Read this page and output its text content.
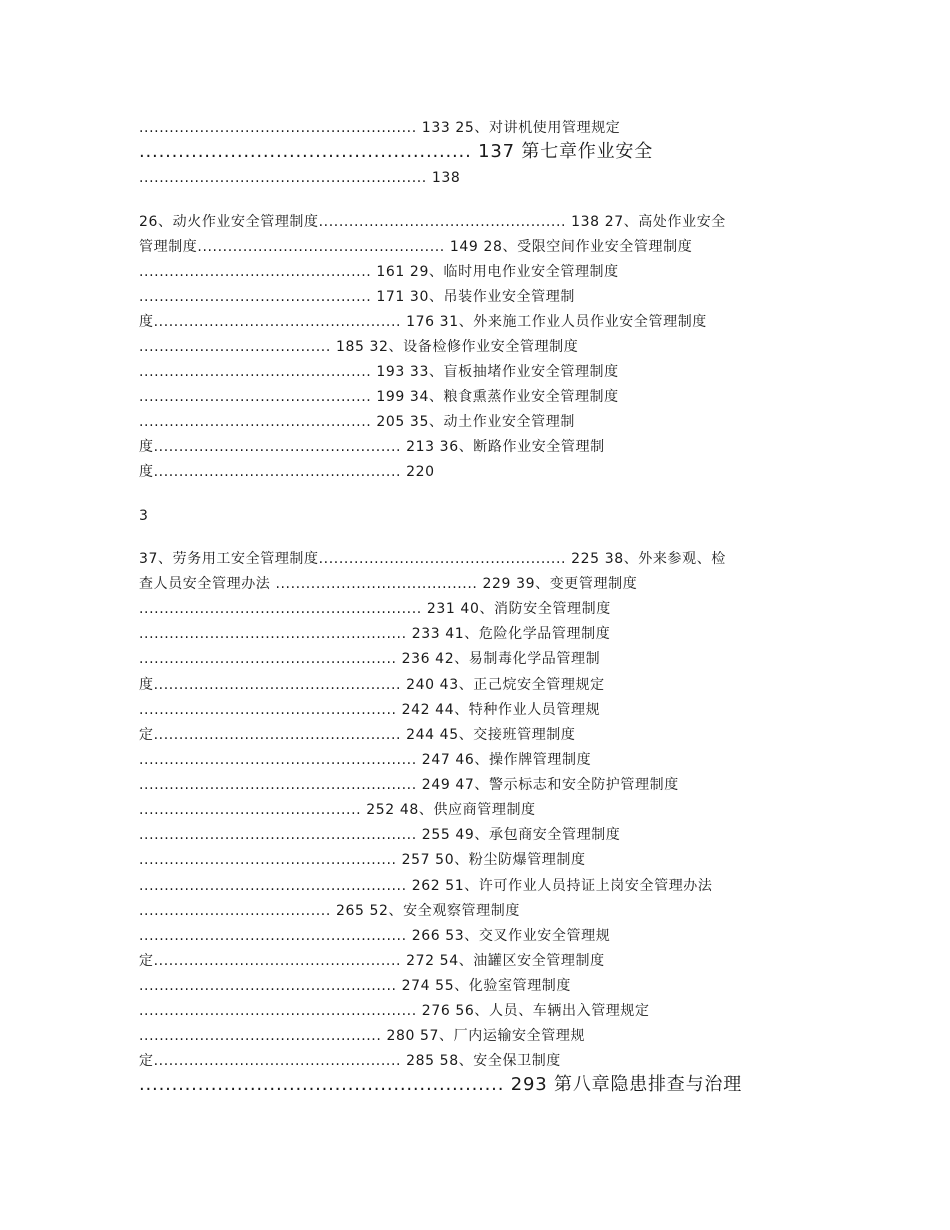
....................................................... 133 25、对讲机使用管理规定
................................................... 137 第七章作业安全
......................................................... 138
26、动火作业安全管理制度................................................. 138 27、高处作业安全
管理制度................................................. 149 28、受限空间作业安全管理制度
.............................................. 161 29、临时用电作业安全管理制度
.............................................. 171 30、吊装作业安全管理制
度................................................. 176 31、外来施工作业人员作业安全管理制度
...................................... 185 32、设备检修作业安全管理制度
.............................................. 193 33、盲板抽堵作业安全管理制度
.............................................. 199 34、粮食熏蒸作业安全管理制度
.............................................. 205 35、动土作业安全管理制
度................................................. 213 36、断路作业安全管理制
度................................................. 220
3
37、劳务用工安全管理制度................................................. 225 38、外来参观、检
查人员安全管理办法 ........................................ 229 39、变更管理制度
........................................................ 231 40、消防安全管理制度
..................................................... 233 41、危险化学品管理制度
................................................... 236 42、易制毒化学品管理制
度................................................. 240 43、正己烷安全管理规定
................................................... 242 44、特种作业人员管理规
定................................................. 244 45、交接班管理制度
....................................................... 247 46、操作牌管理制度
....................................................... 249 47、警示标志和安全防护管理制度
............................................ 252 48、供应商管理制度
....................................................... 255 49、承包商安全管理制度
................................................... 257 50、粉尘防爆管理制度
..................................................... 262 51、许可作业人员持证上岗安全管理办法
...................................... 265 52、安全观察管理制度
..................................................... 266 53、交叉作业安全管理规
定................................................. 272 54、油罐区安全管理制度
................................................... 274 55、化验室管理制度
....................................................... 276 56、人员、车辆出入管理规定
................................................ 280 57、厂内运输安全管理规
定................................................. 285 58、安全保卫制度
........................................................ 293 第八章隐患排查与治理
